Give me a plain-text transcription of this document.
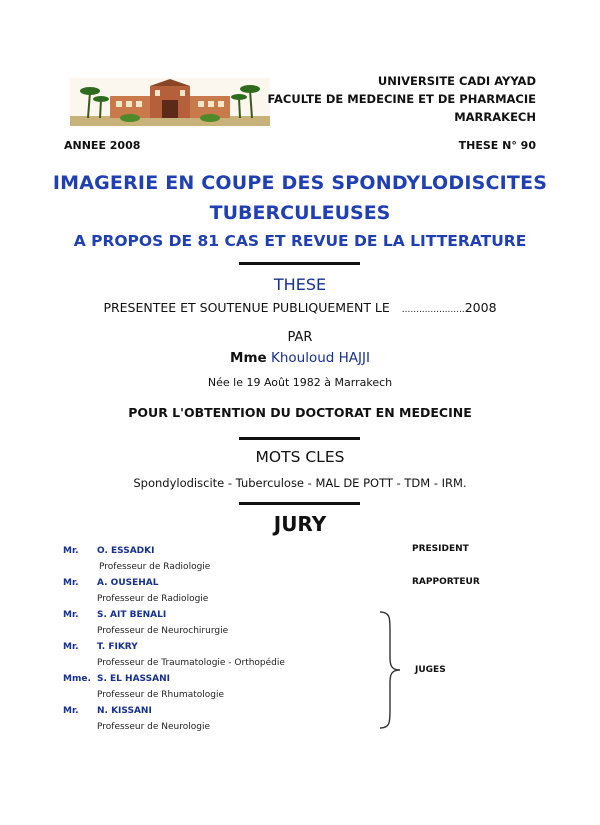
UNIVERSITE CADI AYYAD
FACULTE DE MEDECINE ET DE PHARMACIE
MARRAKECH
ANNEE 2008	THESE N° 90
IMAGERIE EN COUPE DES SPONDYLODISCITES
TUBERCULEUSES
A PROPOS DE 81 CAS ET REVUE DE LA LITTERATURE
THESE
PRESENTEE ET SOUTENUE PUBLIQUEMENT LE ......................2008
PAR
Mme Khouloud HAJJI
Née le 19 Août 1982 à Marrakech
POUR L'OBTENTION DU DOCTORAT EN MEDECINE
MOTS CLES
Spondylodiscite - Tuberculose - MAL DE POTT - TDM - IRM.
JURY
Mr. O. ESSADKI
Professeur de Radiologie
Mr. A. OUSEHAL
Professeur de Radiologie
Mr. S. AIT BENALI
Professeur de Neurochirurgie
Mr. T. FIKRY
Professeur de Traumatologie - Orthopédie
Mme. S. EL HASSANI
Professeur de Rhumatologie
Mr. N. KISSANI
Professeur de Neurologie
PRESIDENT
RAPPORTEUR
JUGES
